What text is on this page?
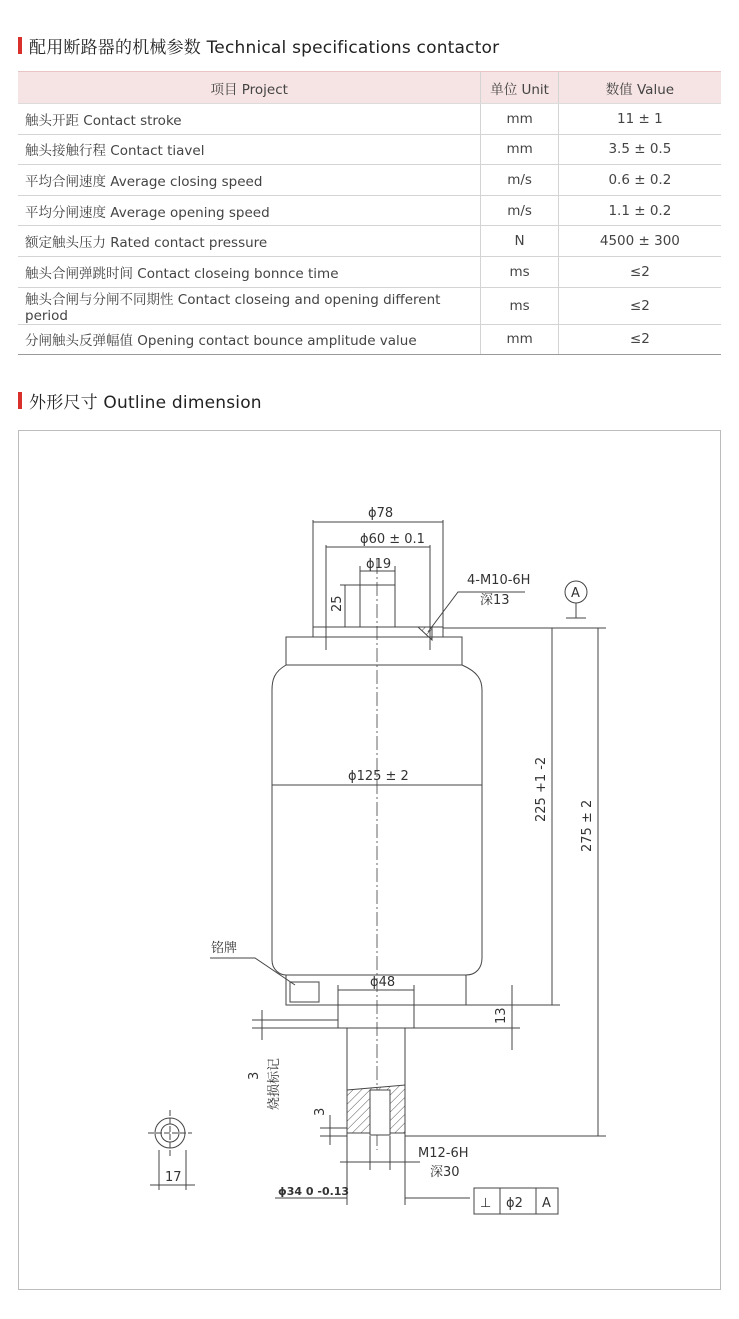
配用断路器的机械参数 Technical specifications contactor
项目 Project	单位 Unit	数值 Value
触头开距 Contact stroke	mm	11 ± 1
触头接触行程 Contact tiavel	mm	3.5 ± 0.5
平均合闸速度 Average closing speed	m/s	0.6 ± 0.2
平均分闸速度 Average opening speed	m/s	1.1 ± 0.2
额定触头压力 Rated contact pressure	N	4500 ± 300
触头合闸弹跳时间 Contact closeing bonnce time	ms	≤2
触头合闸与分闸不同期性 Contact closeing and opening different period	ms	≤2
分闸触头反弹幅值 Opening contact bounce amplitude value	mm	≤2
外形尺寸 Outline dimension
ϕ78
ϕ60 ± 0.1
ϕ19
25
4-M10-6H
深13	A
ϕ125 ± 2	225 +1 -2
275 ± 2
铭牌
ϕ48
13
3 烧损标记
3
M12-6H
深30
17
ϕ34 0 -0.13
⊥ ϕ2 A
